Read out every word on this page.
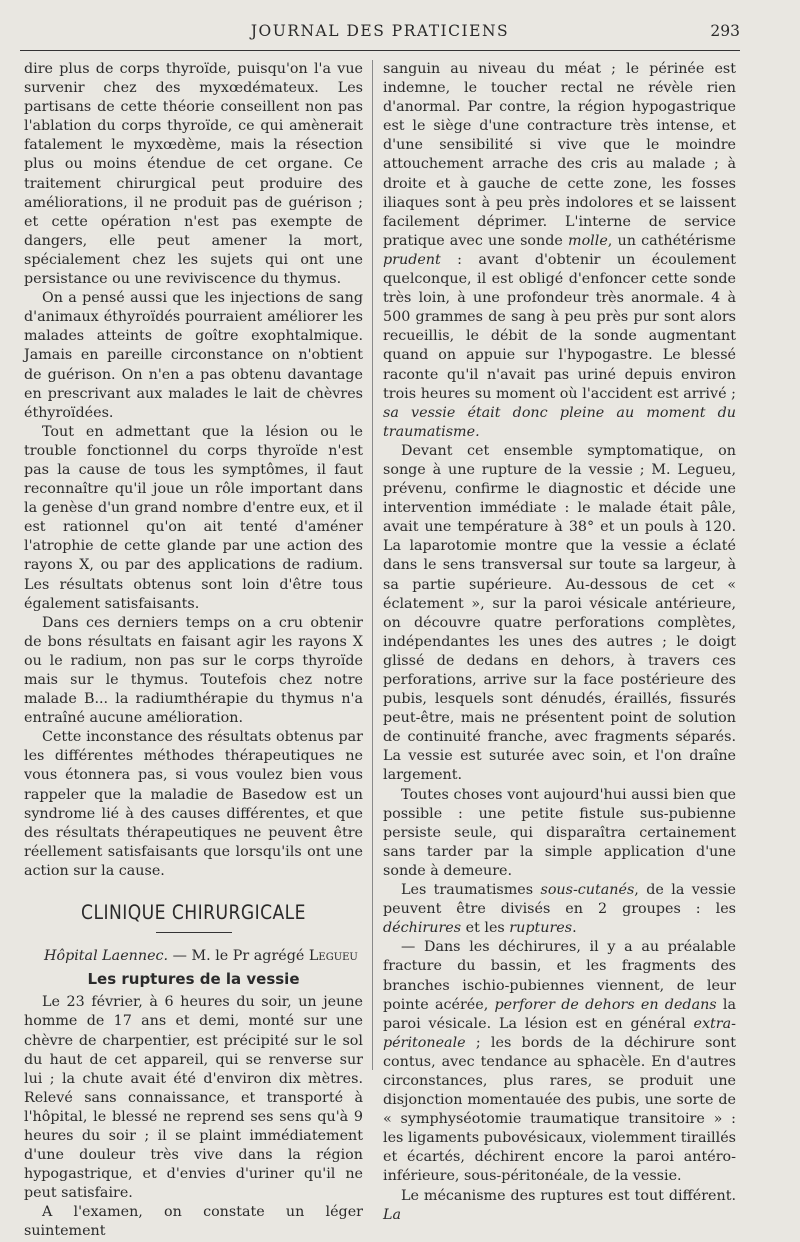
JOURNAL DES PRATICIENS	293

dire plus de corps thyroïde, puisqu'on l'a vue survenir chez des myxœdémateux. Les partisans de cette théorie conseillent non pas l'ablation du corps thyroïde, ce qui amènerait fatalement le myxœdème, mais la résection plus ou moins étendue de cet organe. Ce traitement chirurgical peut produire des améliorations, il ne produit pas de guérison ; et cette opération n'est pas exempte de dangers, elle peut amener la mort, spécialement chez les sujets qui ont une persistance ou une reviviscence du thymus.

On a pensé aussi que les injections de sang d'animaux éthyroïdés pourraient améliorer les malades atteints de goître exophtalmique. Jamais en pareille circonstance on n'obtient de guérison. On n'en a pas obtenu davantage en prescrivant aux malades le lait de chèvres éthyroïdées.

Tout en admettant que la lésion ou le trouble fonctionnel du corps thyroïde n'est pas la cause de tous les symptômes, il faut reconnaître qu'il joue un rôle important dans la genèse d'un grand nombre d'entre eux, et il est rationnel qu'on ait tenté d'améner l'atrophie de cette glande par une action des rayons X, ou par des applications de radium. Les résultats obtenus sont loin d'être tous également satisfaisants.

Dans ces derniers temps on a cru obtenir de bons résultats en faisant agir les rayons X ou le radium, non pas sur le corps thyroïde mais sur le thymus. Toutefois chez notre malade B... la radiumthérapie du thymus n'a entraîné aucune amélioration.

Cette inconstance des résultats obtenus par les différentes méthodes thérapeutiques ne vous étonnera pas, si vous voulez bien vous rappeler que la maladie de Basedow est un syndrome lié à des causes différentes, et que des résultats thérapeutiques ne peuvent être réellement satisfaisants que lorsqu'ils ont une action sur la cause.

CLINIQUE CHIRURGICALE
Hôpital Laennec. — M. le Pr agrégé Legueu
Les ruptures de la vessie

Le 23 février, à 6 heures du soir, un jeune homme de 17 ans et demi, monté sur une chèvre de charpentier, est précipité sur le sol du haut de cet appareil, qui se renverse sur lui ; la chute avait été d'environ dix mètres. Relevé sans connaissance, et transporté à l'hôpital, le blessé ne reprend ses sens qu'à 9 heures du soir ; il se plaint immédiatement d'une douleur très vive dans la région hypogastrique, et d'envies d'uriner qu'il ne peut satisfaire.

A l'examen, on constate un léger suintement

sanguin au niveau du méat ; le périnée est indemne, le toucher rectal ne révèle rien d'anormal. Par contre, la région hypogastrique est le siège d'une contracture très intense, et d'une sensibilité si vive que le moindre attouchement arrache des cris au malade ; à droite et à gauche de cette zone, les fosses iliaques sont à peu près indolores et se laissent facilement déprimer. L'interne de service pratique avec une sonde molle, un cathétérisme prudent : avant d'obtenir un écoulement quelconque, il est obligé d'enfoncer cette sonde très loin, à une profondeur très anormale. 4 à 500 grammes de sang à peu près pur sont alors recueillis, le débit de la sonde augmentant quand on appuie sur l'hypogastre. Le blessé raconte qu'il n'avait pas uriné depuis environ trois heures su moment où l'accident est arrivé ; sa vessie était donc pleine au moment du traumatisme.

Devant cet ensemble symptomatique, on songe à une rupture de la vessie ; M. Legueu, prévenu, confirme le diagnostic et décide une intervention immédiate : le malade était pâle, avait une température à 38° et un pouls à 120. La laparotomie montre que la vessie a éclaté dans le sens transversal sur toute sa largeur, à sa partie supérieure. Au-dessous de cet « éclatement », sur la paroi vésicale antérieure, on découvre quatre perforations complètes, indépendantes les unes des autres ; le doigt glissé de dedans en dehors, à travers ces perforations, arrive sur la face postérieure des pubis, lesquels sont dénudés, éraillés, fissurés peut-être, mais ne présentent point de solution de continuité franche, avec fragments séparés. La vessie est suturée avec soin, et l'on draîne largement.

Toutes choses vont aujourd'hui aussi bien que possible : une petite fistule sus-pubienne persiste seule, qui disparaîtra certainement sans tarder par la simple application d'une sonde à demeure.

Les traumatismes sous-cutanés, de la vessie peuvent être divisés en 2 groupes : les déchirures et les ruptures.

— Dans les déchirures, il y a au préalable fracture du bassin, et les fragments des branches ischio-pubiennes viennent, de leur pointe acérée, perforer de dehors en dedans la paroi vésicale. La lésion est en général extra-péritoneale ; les bords de la déchirure sont contus, avec tendance au sphacèle. En d'autres circonstances, plus rares, se produit une disjonction momentauée des pubis, une sorte de « symphyséotomie traumatique transitoire » : les ligaments pubovésicaux, violemment tiraillés et écartés, déchirent encore la paroi antéro-inférieure, sous-péritonéale, de la vessie.

Le mécanisme des ruptures est tout différent. La
